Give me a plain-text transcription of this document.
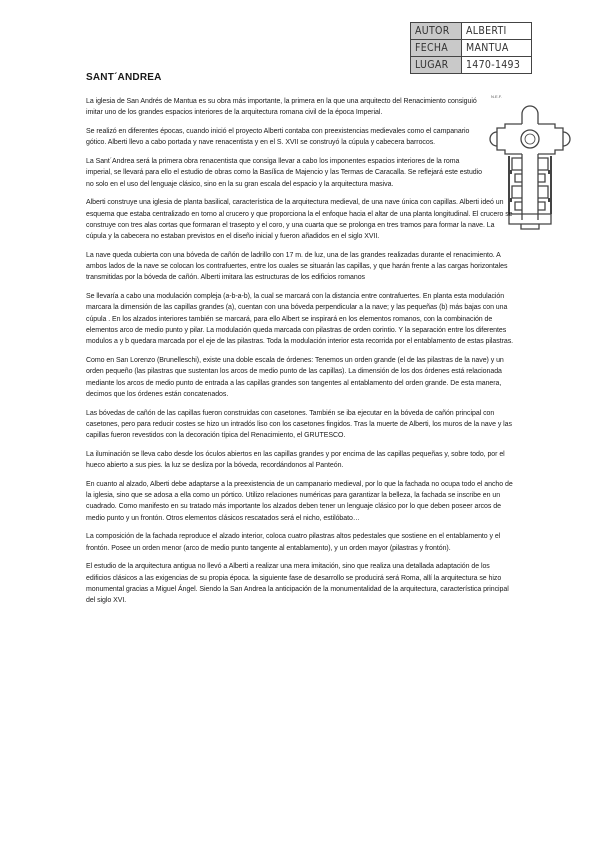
AUTOR	ALBERTI
FECHA	MANTUA
LUGAR	1470-1493
SANT´ANDREA
N.E.F.

La iglesia de San Andrés de Mantua es su obra más importante, la primera en la que una arquitecto del Renacimiento consiguió imitar uno de los grandes espacios interiores de la arquitectura romana civil de la época Imperial.

Se realizó en diferentes épocas, cuando inició el proyecto Alberti contaba con preexistencias medievales como el campanario gótico. Alberti llevo a cabo portada y nave renacentista y en el S. XVII se construyó la cúpula y cabecera barrocos.

La Sant´Andrea será la primera obra renacentista que consiga llevar a cabo los imponentes espacios interiores de la roma imperial, se llevará para ello el estudio de obras como la Basílica de Majencio y las Termas de Caracalla. Se reflejará este estudio no solo en el uso del lenguaje clásico, sino en la su gran escala del espacio y la arquitectura masiva.

Alberti construye una iglesia de planta basilical, característica de la arquitectura medieval, de una nave única con capillas. Alberti ideó un esquema que estaba centralizado en torno al crucero y que proporciona la el enfoque hacia el altar de una planta longitudinal. El crucero se construye con tres alas cortas que formaran el trasepto y el coro, y una cuarta que se prolonga en tres tramos para formar la nave. La cúpula y la cabecera no estaban previstos en el diseño inicial y fueron añadidos en el siglo XVII.

La nave queda cubierta con una bóveda de cañón de ladrillo con 17 m. de luz, una de las grandes realizadas durante el renacimiento. A ambos lados de la nave se colocan los contrafuertes, entre los cuales se situarán las capillas, y que harán frente a las cargas horizontales transmitidas por la bóveda de cañón. Alberti imitara las estructuras de los edificios romanos

Se llevaría a cabo una modulación compleja (a-b-a-b), la cual se marcará con la distancia entre contrafuertes. En planta esta modulación marcara la dimensión de las capillas grandes (a), cuentan con una bóveda perpendicular a la nave; y las pequeñas (b) más bajas con una cúpula . En los alzados interiores también se marcará, para ello Albert se inspirará en los elementos romanos, con la combinación de elementos arco de medio punto y pilar. La modulación queda marcada con pilastras de orden corintio. Y la separación entre los diferentes modulos a y b quedara marcada por el eje de las pilastras. Toda la modulación interior esta recorrida por el entablamento de estas pilastras.

Como en San Lorenzo (Brunelleschi), existe una doble escala de órdenes: Tenemos un orden grande (el de las pilastras de la nave) y un orden pequeño (las pilastras que sustentan los arcos de medio punto de las capillas). La dimensión de los dos órdenes está relacionada mediante los arcos de medio punto de entrada a las capillas grandes son tangentes al entablamento del orden grande. De esta manera, decimos que los órdenes están concatenados.

Las bóvedas de cañón de las capillas fueron construidas con casetones. También se iba ejecutar en la bóveda de cañón principal con casetones, pero para reducir costes se hizo un intradós liso con los casetones fingidos. Tras la muerte de Alberti, los muros de la nave y las capillas fueron revestidos con la decoración típica del Renacimiento, el GRUTESCO.

La iluminación se lleva cabo desde los óculos abiertos en las capillas grandes y por encima de las capillas pequeñas y, sobre todo, por el hueco abierto a sus pies. la luz se desliza por la bóveda, recordándonos al Panteón.

En cuanto al alzado, Alberti debe adaptarse a la preexistencia de un campanario medieval, por lo que la fachada no ocupa todo el ancho de la iglesia, sino que se adosa a ella como un pórtico. Utilizo relaciones numéricas para garantizar la belleza, la fachada se inscribe en un cuadrado. Como manifesto en su tratado más importante los alzados deben tener un lenguaje clásico por lo que deben poseer arcos de medio punto y un frontón. Otros elementos clásicos rescatados será el nicho, estilóbato…

La composición de la fachada reproduce el alzado interior, coloca cuatro pilastras altos pedestales que sostiene en el entablamento y el frontón. Posee un orden menor (arco de medio punto tangente al entablamento), y un orden mayor (pilastras y frontón).

El estudio de la arquitectura antigua no llevó a Alberti a realizar una mera imitación, sino que realiza una detallada adaptación de los edificios clásicos a las exigencias de su propia época. la siguiente fase de desarrollo se producirá será Roma, allí la arquitectura se hizo monumental gracias a Miguel Ángel. Siendo la San Andrea la anticipación de la monumentalidad de la arquitectura, característica principal del siglo XVI.
